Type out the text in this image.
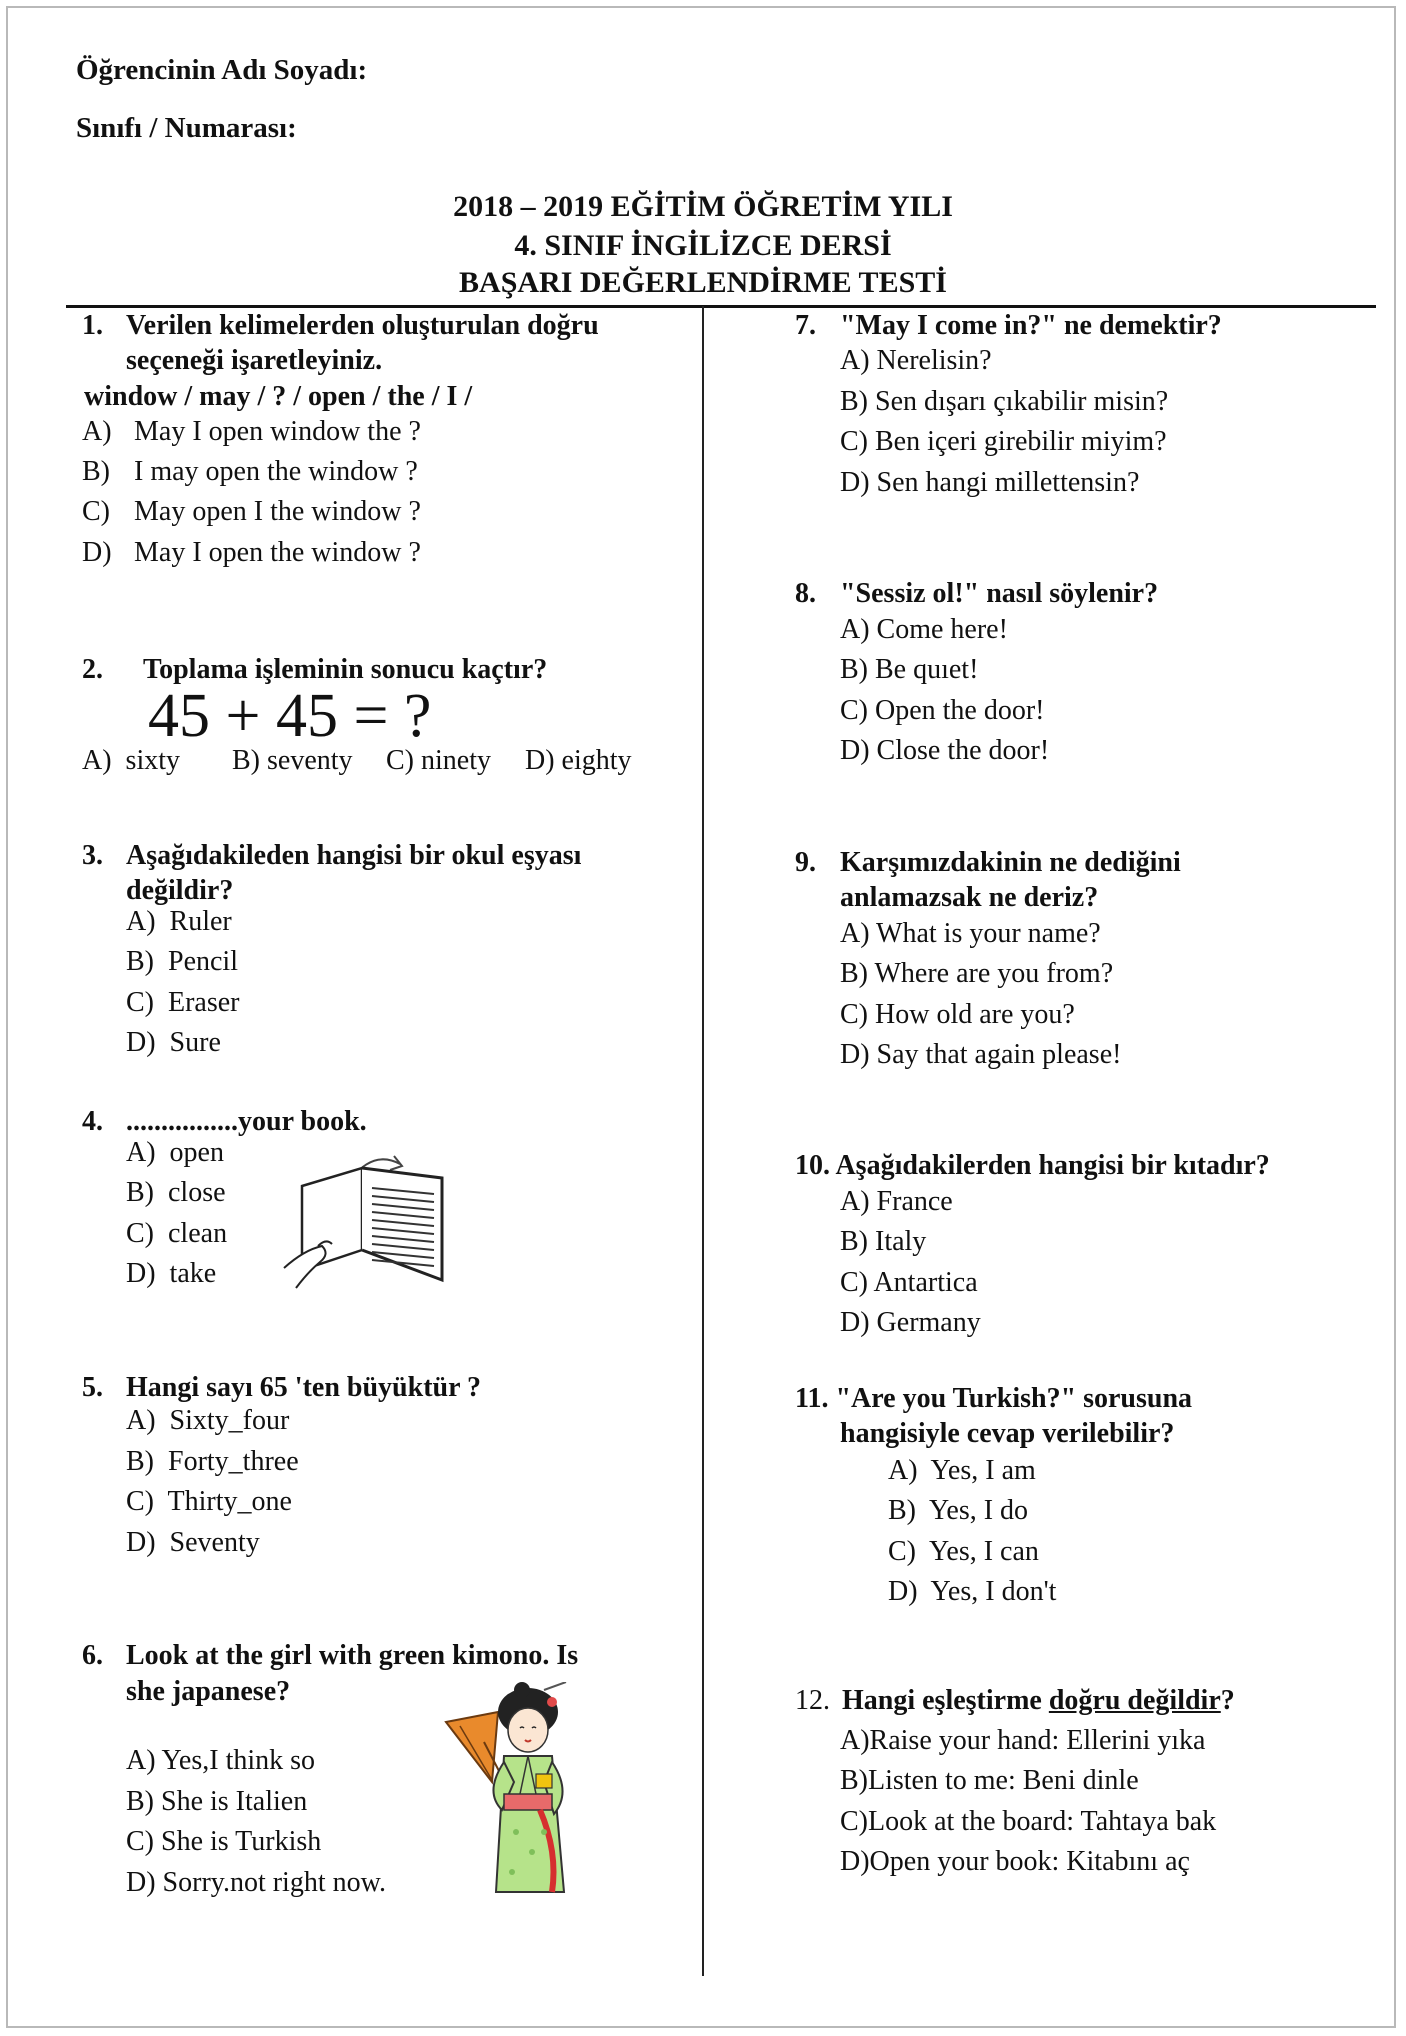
Öğrencinin Adı Soyadı:
Sınıfı / Numarası:
2018 – 2019 EĞİTİM ÖĞRETİM YILI
4. SINIF İNGİLİZCE DERSİ
BAŞARI DEĞERLENDİRME TESTİ
1. Verilen kelimelerden oluşturulan doğru
seçeneği işaretleyiniz.
window / may / ? / open / the / I /
A) May I open window the ?
B) I may open the window ?
C) May open I the window ?
D) May I open the window ?
2. Toplama işleminin sonucu kaçtır?
45 + 45 = ?
A) sixty B) seventy C) ninety D) eighty
3. Aşağıdakileden hangisi bir okul eşyası
değildir?
A) Ruler
B) Pencil
C) Eraser
D) Sure
4. ................your book.
A) open
B) close
C) clean
D) take
5. Hangi sayı 65 'ten büyüktür ?
A) Sixty_four
B) Forty_three
C) Thirty_one
D) Seventy
6. Look at the girl with green kimono. Is
she japanese?
A) Yes,I think so
B) She is Italien
C) She is Turkish
D) Sorry.not right now.
7. "May I come in?" ne demektir?
A) Nerelisin?
B) Sen dışarı çıkabilir misin?
C) Ben içeri girebilir miyim?
D) Sen hangi millettensin?
8. "Sessiz ol!" nasıl söylenir?
A) Come here!
B) Be quıet!
C) Open the door!
D) Close the door!
9. Karşımızdakinin ne dediğini
anlamazsak ne deriz?
A) What is your name?
B) Where are you from?
C) How old are you?
D) Say that again please!
10. Aşağıdakilerden hangisi bir kıtadır?
A) France
B) Italy
C) Antartica
D) Germany
11. "Are you Turkish?" sorusuna
hangisiyle cevap verilebilir?
A) Yes, I am
B) Yes, I do
C) Yes, I can
D) Yes, I don't
12. Hangi eşleştirme doğru değildir?
A)Raise your hand: Ellerini yıka
B)Listen to me: Beni dinle
C)Look at the board: Tahtaya bak
D)Open your book: Kitabını aç
